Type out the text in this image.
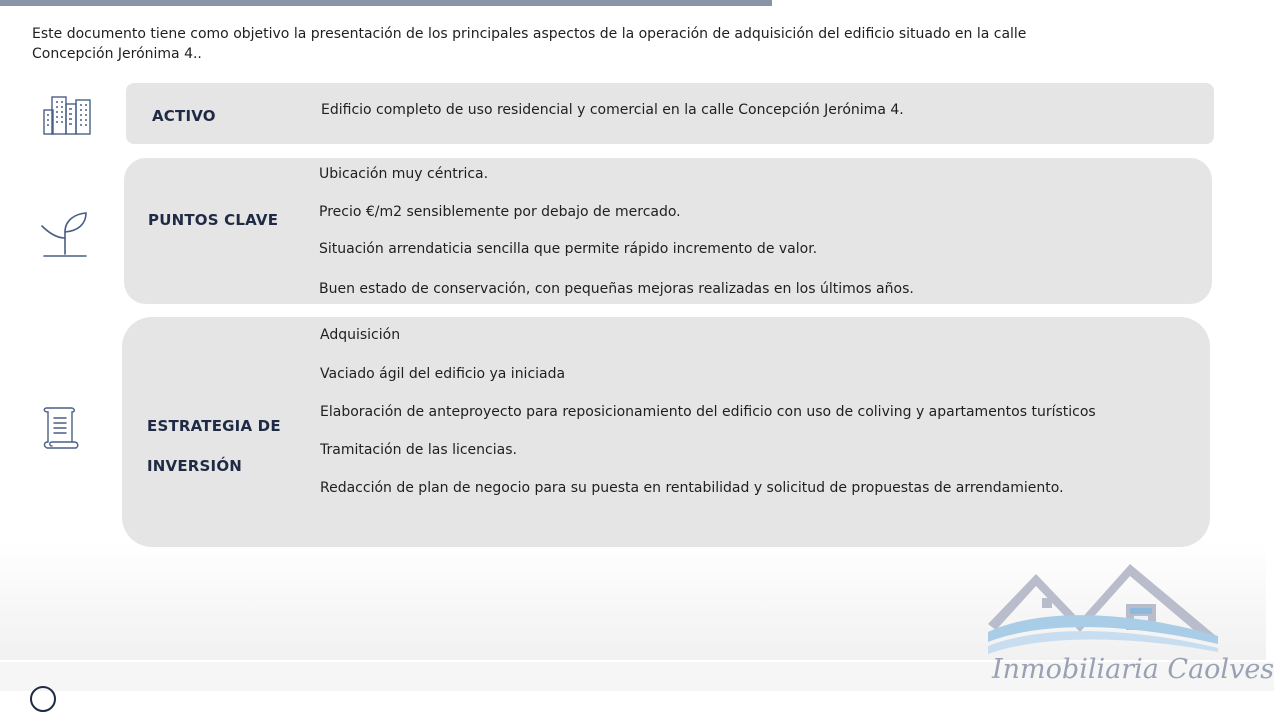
Este documento tiene como objetivo la presentación de los principales aspectos de la operación de adquisición del edificio situado en la calle Concepción Jerónima 4..
ACTIVO	Edificio completo de uso residencial y comercial en la calle Concepción Jerónima 4.
PUNTOS CLAVE
Ubicación muy céntrica.
Precio €/m2 sensiblemente por debajo de mercado.
Situación arrendaticia sencilla que permite rápido incremento de valor.
Buen estado de conservación, con pequeñas mejoras realizadas en los últimos años.
ESTRATEGIA DE
INVERSIÓN
Adquisición
Vaciado ágil del edificio ya iniciada
Elaboración de anteproyecto para reposicionamiento del edificio con uso de coliving y apartamentos turísticos
Tramitación de las licencias.
Redacción de plan de negocio para su puesta en rentabilidad y solicitud de propuestas de arrendamiento.
Inmobiliaria Caolves
